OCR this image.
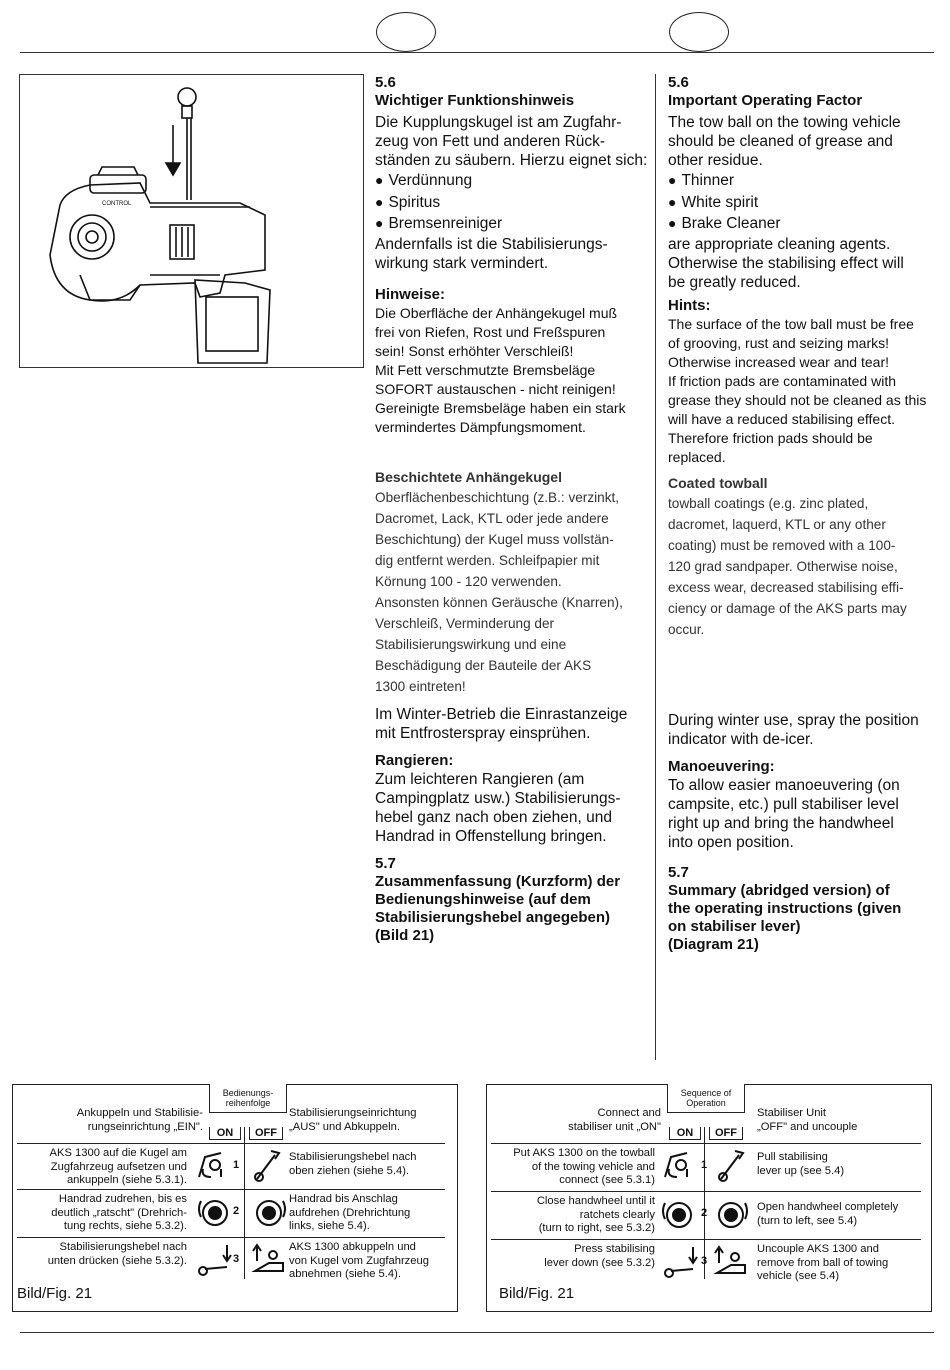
CONTROL
5.6
Wichtiger Funktionshinweis
Die Kupplungskugel ist am Zugfahr-
zeug von Fett und anderen Rück-
ständen zu säubern. Hierzu eignet sich:
● Verdünnung
● Spiritus
● Bremsenreiniger
Andernfalls ist die Stabilisierungs-
wirkung stark vermindert.
Hinweise:
Die Oberfläche der Anhängekugel muß
frei von Riefen, Rost und Freßspuren
sein! Sonst erhöhter Verschleiß!
Mit Fett verschmutzte Bremsbeläge
SOFORT austauschen - nicht reinigen!
Gereinigte Bremsbeläge haben ein stark
vermindertes Dämpfungsmoment.
Beschichtete Anhängekugel
Oberflächenbeschichtung (z.B.: verzinkt,
Dacromet, Lack, KTL oder jede andere
Beschichtung) der Kugel muss vollstän-
dig entfernt werden. Schleifpapier mit
Körnung 100 - 120 verwenden.
Ansonsten können Geräusche (Knarren),
Verschleiß, Verminderung der
Stabilisierungswirkung und eine
Beschädigung der Bauteile der AKS
1300 eintreten!
Im Winter-Betrieb die Einrastanzeige
mit Entfrosterspray einsprühen.
Rangieren:
Zum leichteren Rangieren (am
Campingplatz usw.) Stabilisierungs-
hebel ganz nach oben ziehen, und
Handrad in Offenstellung bringen.
5.7
Zusammenfassung (Kurzform) der
Bedienungshinweise (auf dem
Stabilisierungshebel angegeben)
(Bild 21)
5.6
Important Operating Factor
The tow ball on the towing vehicle
should be cleaned of grease and
other residue.
● Thinner
● White spirit
● Brake Cleaner
are appropriate cleaning agents.
Otherwise the stabilising effect will
be greatly reduced.
Hints:
The surface of the tow ball must be free
of grooving, rust and seizing marks!
Otherwise increased wear and tear!
If friction pads are contaminated with
grease they should not be cleaned as this
will have a reduced stabilising effect.
Therefore friction pads should be
replaced.
Coated towball
towball coatings (e.g. zinc plated,
dacromet, laquerd, KTL or any other
coating) must be removed with a 100-
120 grad sandpaper. Otherwise noise,
excess wear, decreased stabilising effi-
ciency or damage of the AKS parts may
occur.
During winter use, spray the position
indicator with de-icer.
Manoeuvering:
To allow easier manoeuvering (on
campsite, etc.) pull stabiliser level
right up and bring the handwheel
into open position.
5.7
Summary (abridged version) of
the operating instructions (given
on stabiliser lever)
(Diagram 21)
Bedienungs-
reihenfolge
ON	OFF
Ankuppeln und Stabilisie-
rungseinrichtung „EIN".
Stabilisierungseinrichtung
„AUS" und Abkuppeln.
AKS 1300 auf die Kugel am
Zugfahrzeug aufsetzen und
ankuppeln (siehe 5.3.1).
1
Stabilisierungshebel nach
oben ziehen (siehe 5.4).
Handrad zudrehen, bis es
deutlich „ratscht" (Drehrich-
tung rechts, siehe 5.3.2).
2
Handrad bis Anschlag
aufdrehen (Drehrichtung
links, siehe 5.4).
Stabilisierungshebel nach
unten drücken (siehe 5.3.2).	3
AKS 1300 abkuppeln und
von Kugel vom Zugfahrzeug
abnehmen (siehe 5.4).
Bild/Fig. 21
Sequence of
Operation
ON	OFF
Connect and
stabiliser unit „ON"
Stabiliser Unit
„OFF" and uncouple
Put AKS 1300 on the towball
of the towing vehicle and
connect (see 5.3.1)
1
Pull stabilising
lever up (see 5.4)
Close handwheel until it
ratchets clearly
(turn to right, see 5.3.2)
2	Open handwheel completely
(turn to left, see 5.4)
Press stabilising
lever down (see 5.3.2)	3
Uncouple AKS 1300 and
remove from ball of towing
vehicle (see 5.4)
Bild/Fig. 21
